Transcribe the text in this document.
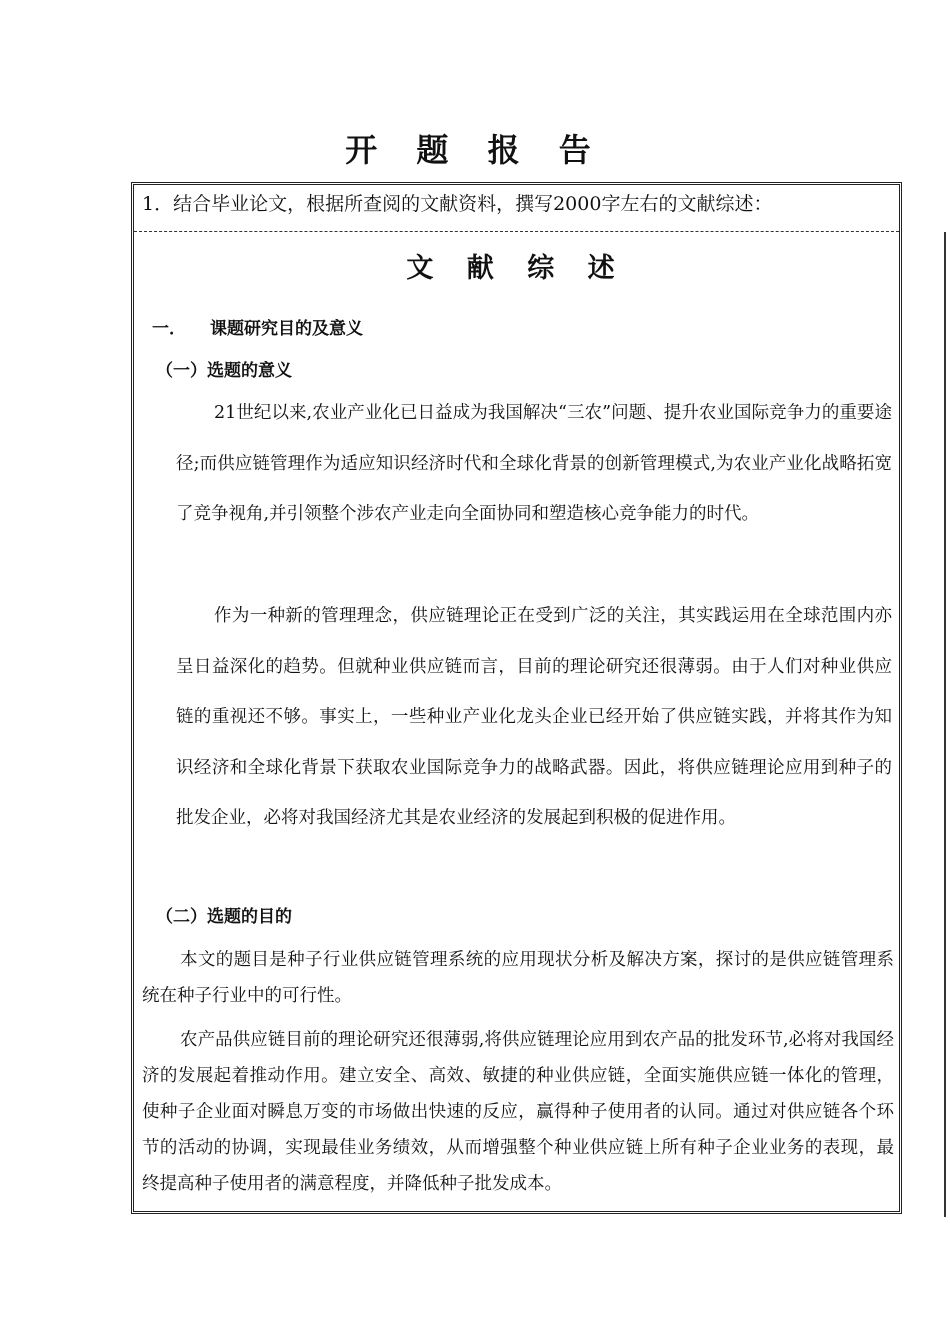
开 题 报 告
1．结合毕业论文，根据所查阅的文献资料，撰写2000字左右的文献综述：
文 献 综 述
一． 课题研究目的及意义
（一）选题的意义

21世纪以来,农业产业化已日益成为我国解决“三农”问题、提升农业国际竞争力的重要途径;而供应链管理作为适应知识经济时代和全球化背景的创新管理模式,为农业产业化战略拓宽了竞争视角,并引领整个涉农产业走向全面协同和塑造核心竞争能力的时代。

作为一种新的管理理念，供应链理论正在受到广泛的关注，其实践运用在全球范围内亦呈日益深化的趋势。但就种业供应链而言，目前的理论研究还很薄弱。由于人们对种业供应链的重视还不够。事实上，一些种业产业化龙头企业已经开始了供应链实践，并将其作为知识经济和全球化背景下获取农业国际竞争力的战略武器。因此，将供应链理论应用到种子的批发企业，必将对我国经济尤其是农业经济的发展起到积极的促进作用。

（二）选题的目的

本文的题目是种子行业供应链管理系统的应用现状分析及解决方案，探讨的是供应链管理系统在种子行业中的可行性。

农产品供应链目前的理论研究还很薄弱,将供应链理论应用到农产品的批发环节,必将对我国经济的发展起着推动作用。建立安全、高效、敏捷的种业供应链，全面实施供应链一体化的管理，使种子企业面对瞬息万变的市场做出快速的反应，赢得种子使用者的认同。通过对供应链各个环节的活动的协调，实现最佳业务绩效，从而增强整个种业供应链上所有种子企业业务的表现，最终提高种子使用者的满意程度，并降低种子批发成本。
